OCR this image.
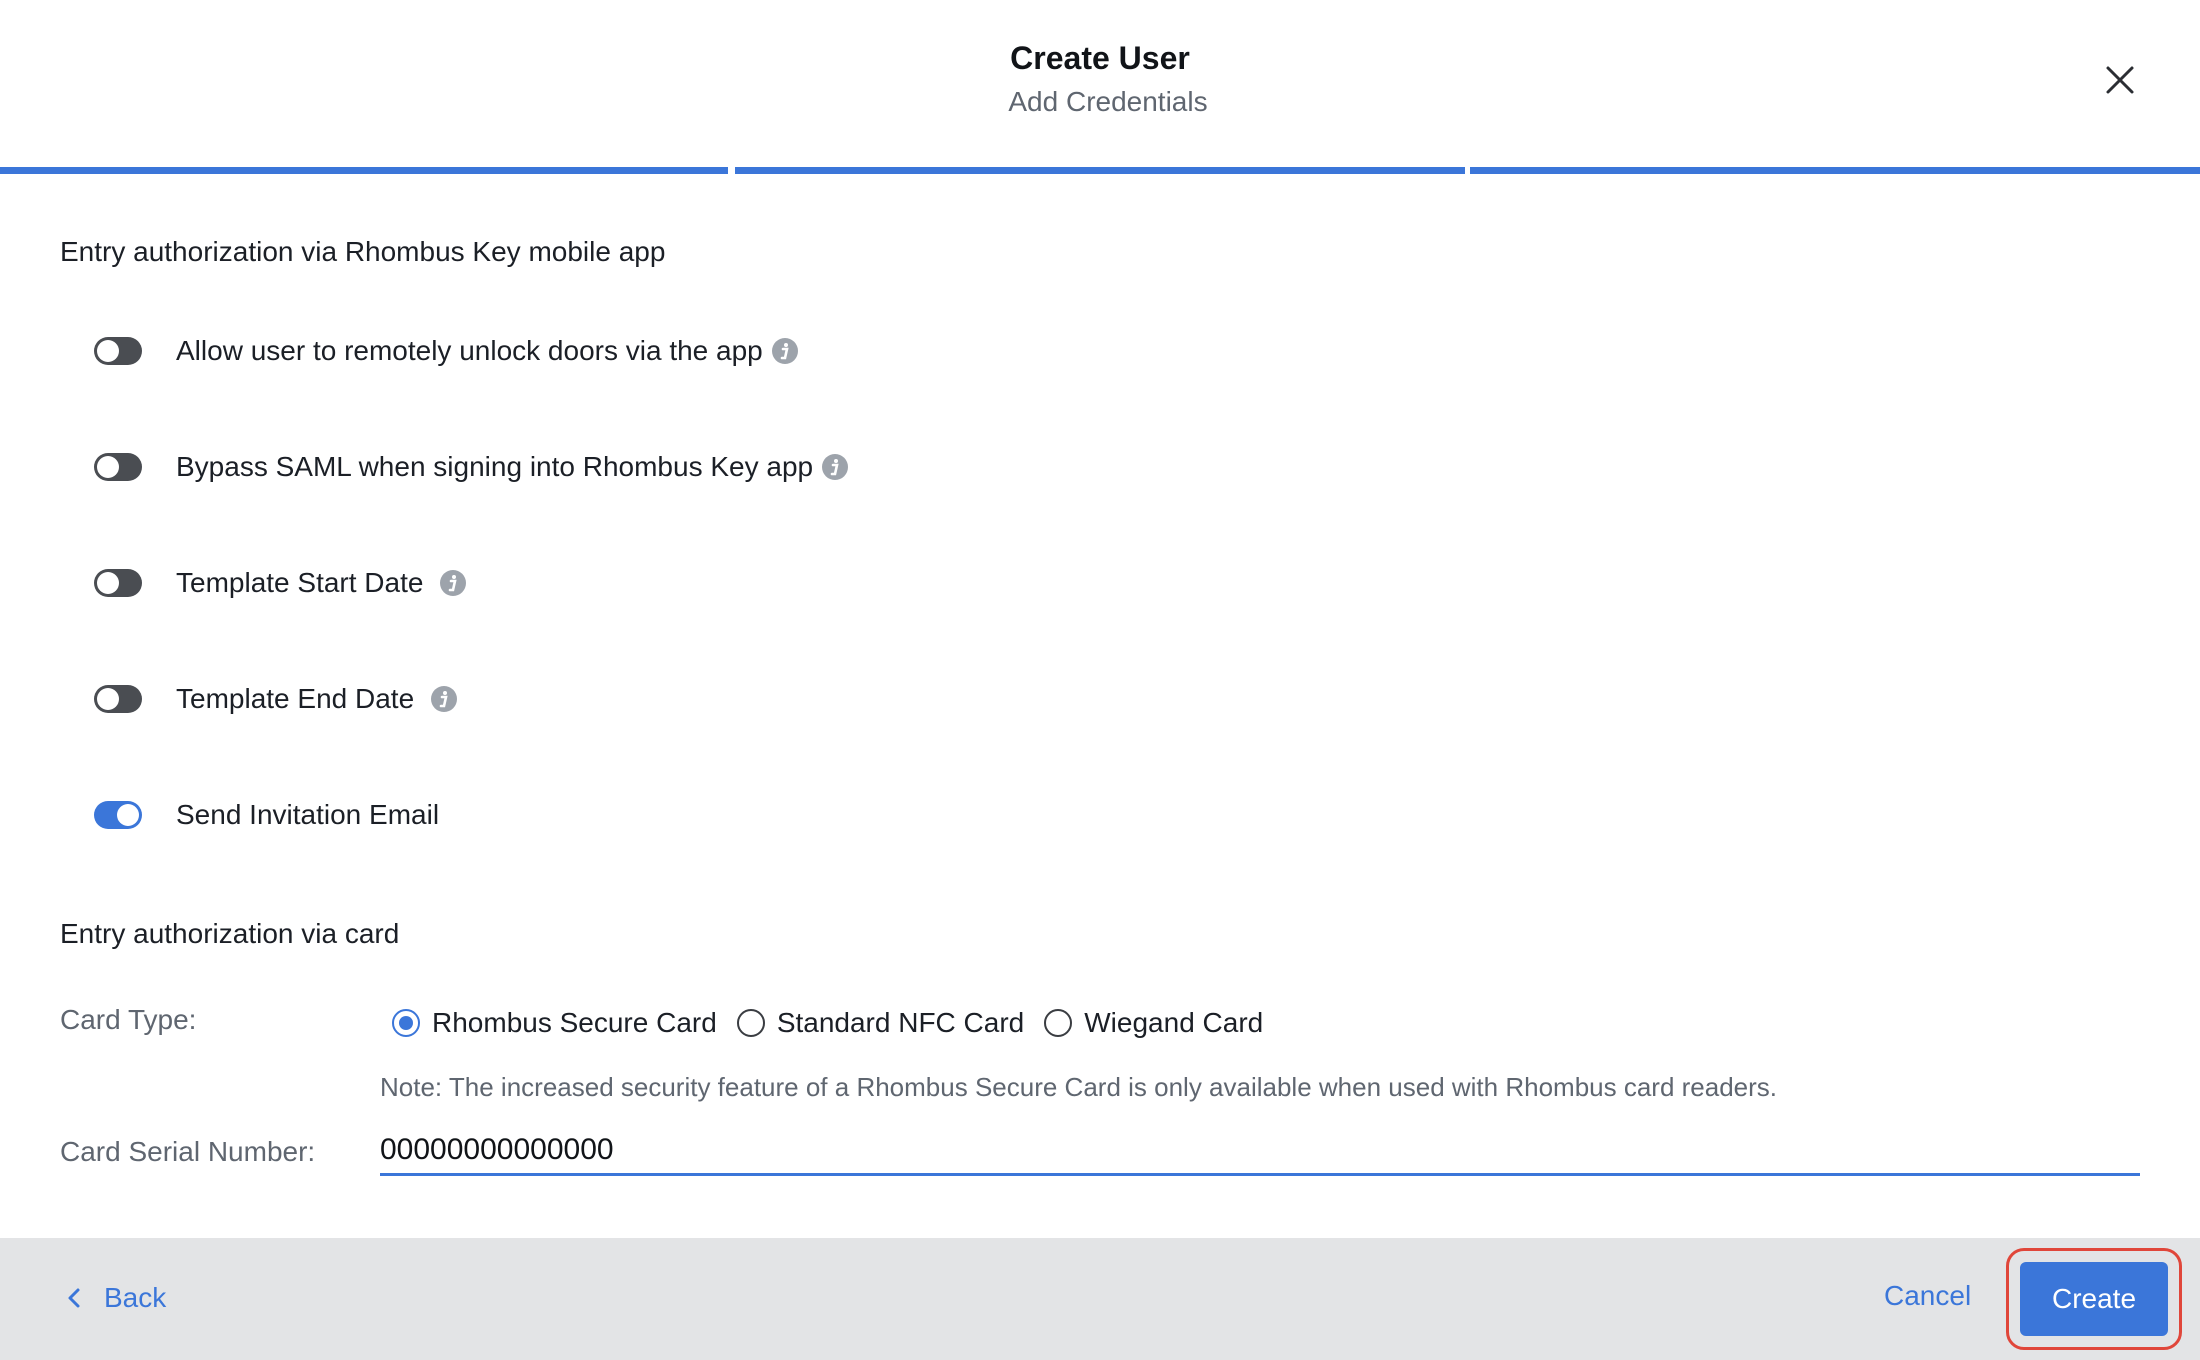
Create User
Add Credentials
Entry authorization via Rhombus Key mobile app
Allow user to remotely unlock doors via the app
Bypass SAML when signing into Rhombus Key app
Template Start Date
Template End Date
Send Invitation Email
Entry authorization via card
Card Type:	Rhombus Secure Card Standard NFC Card Wiegand Card
Note: The increased security feature of a Rhombus Secure Card is only available when used with Rhombus card readers.
Card Serial Number:
00000000000000
Back	Cancel	Create
